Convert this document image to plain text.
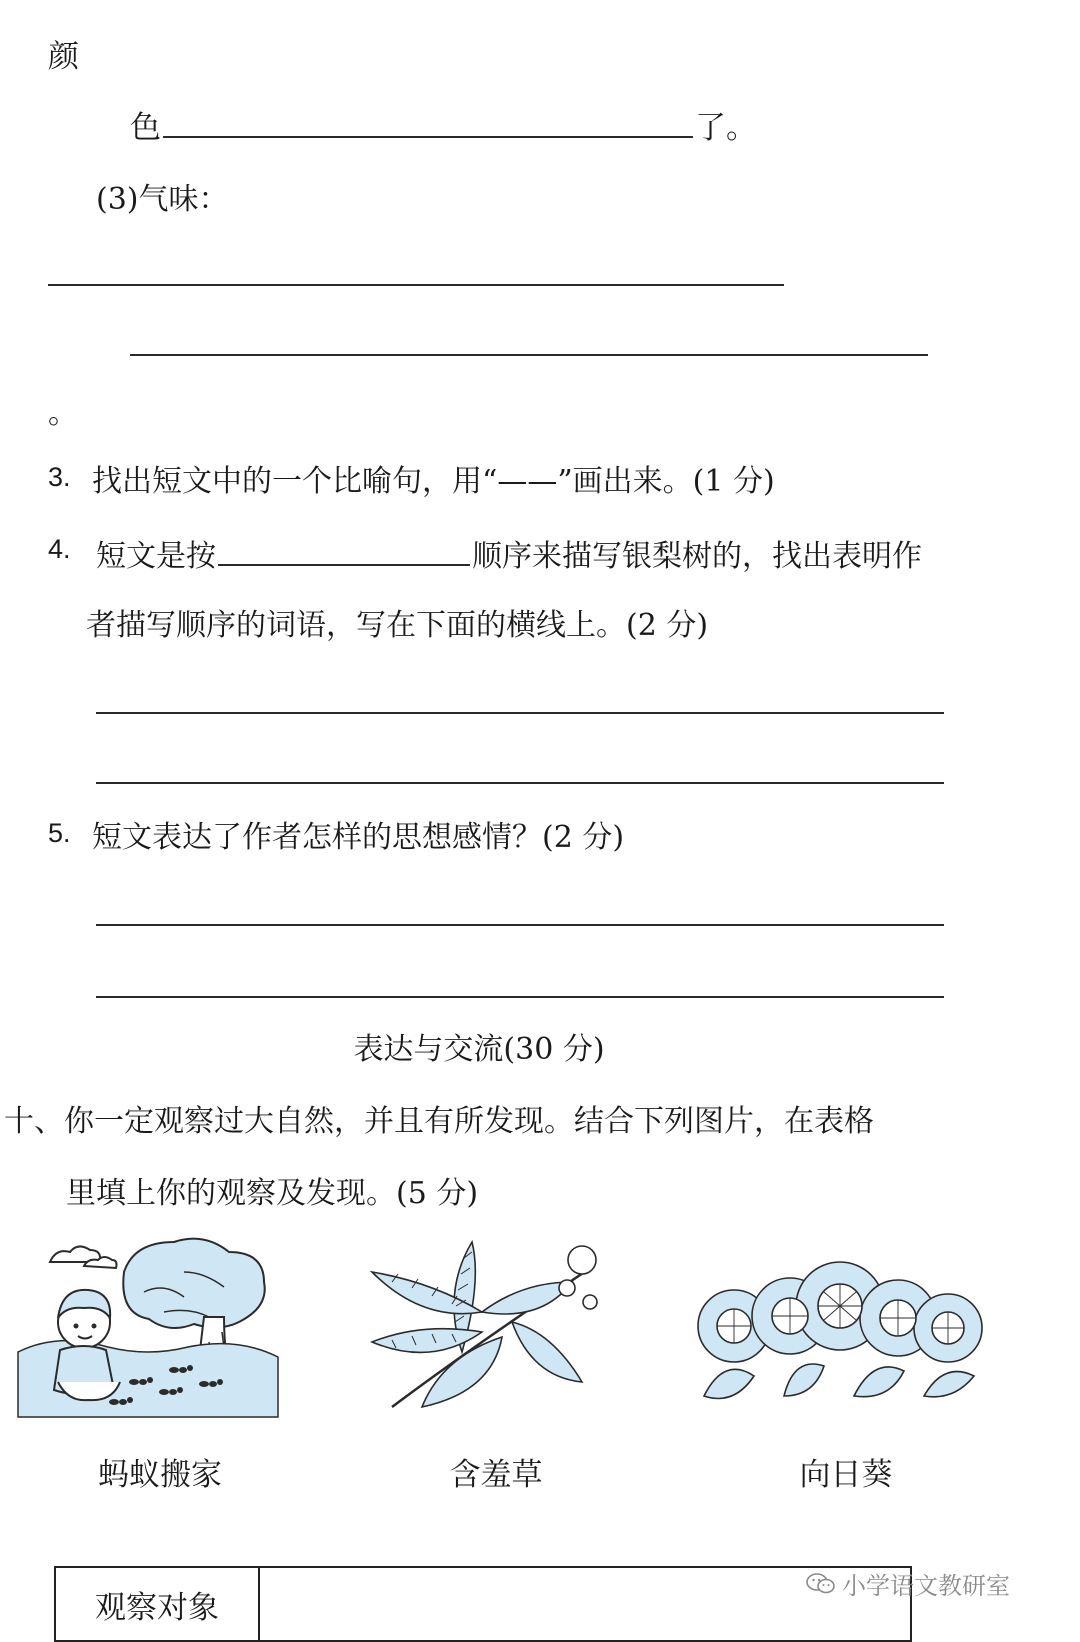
颜
色	了。
(3)气味：
。
3. 找出短文中的一个比喻句，用“——”画出来。(1 分)
4. 短文是按	顺序来描写银梨树的，找出表明作
者描写顺序的词语，写在下面的横线上。(2 分)
5. 短文表达了作者怎样的思想感情？(2 分)
表达与交流(30 分)
十、你一定观察过大自然，并且有所发现。结合下列图片，在表格
里填上你的观察及发现。(5 分)
蚂蚁搬家	含羞草	向日葵
观察对象	
小学语文教研室
